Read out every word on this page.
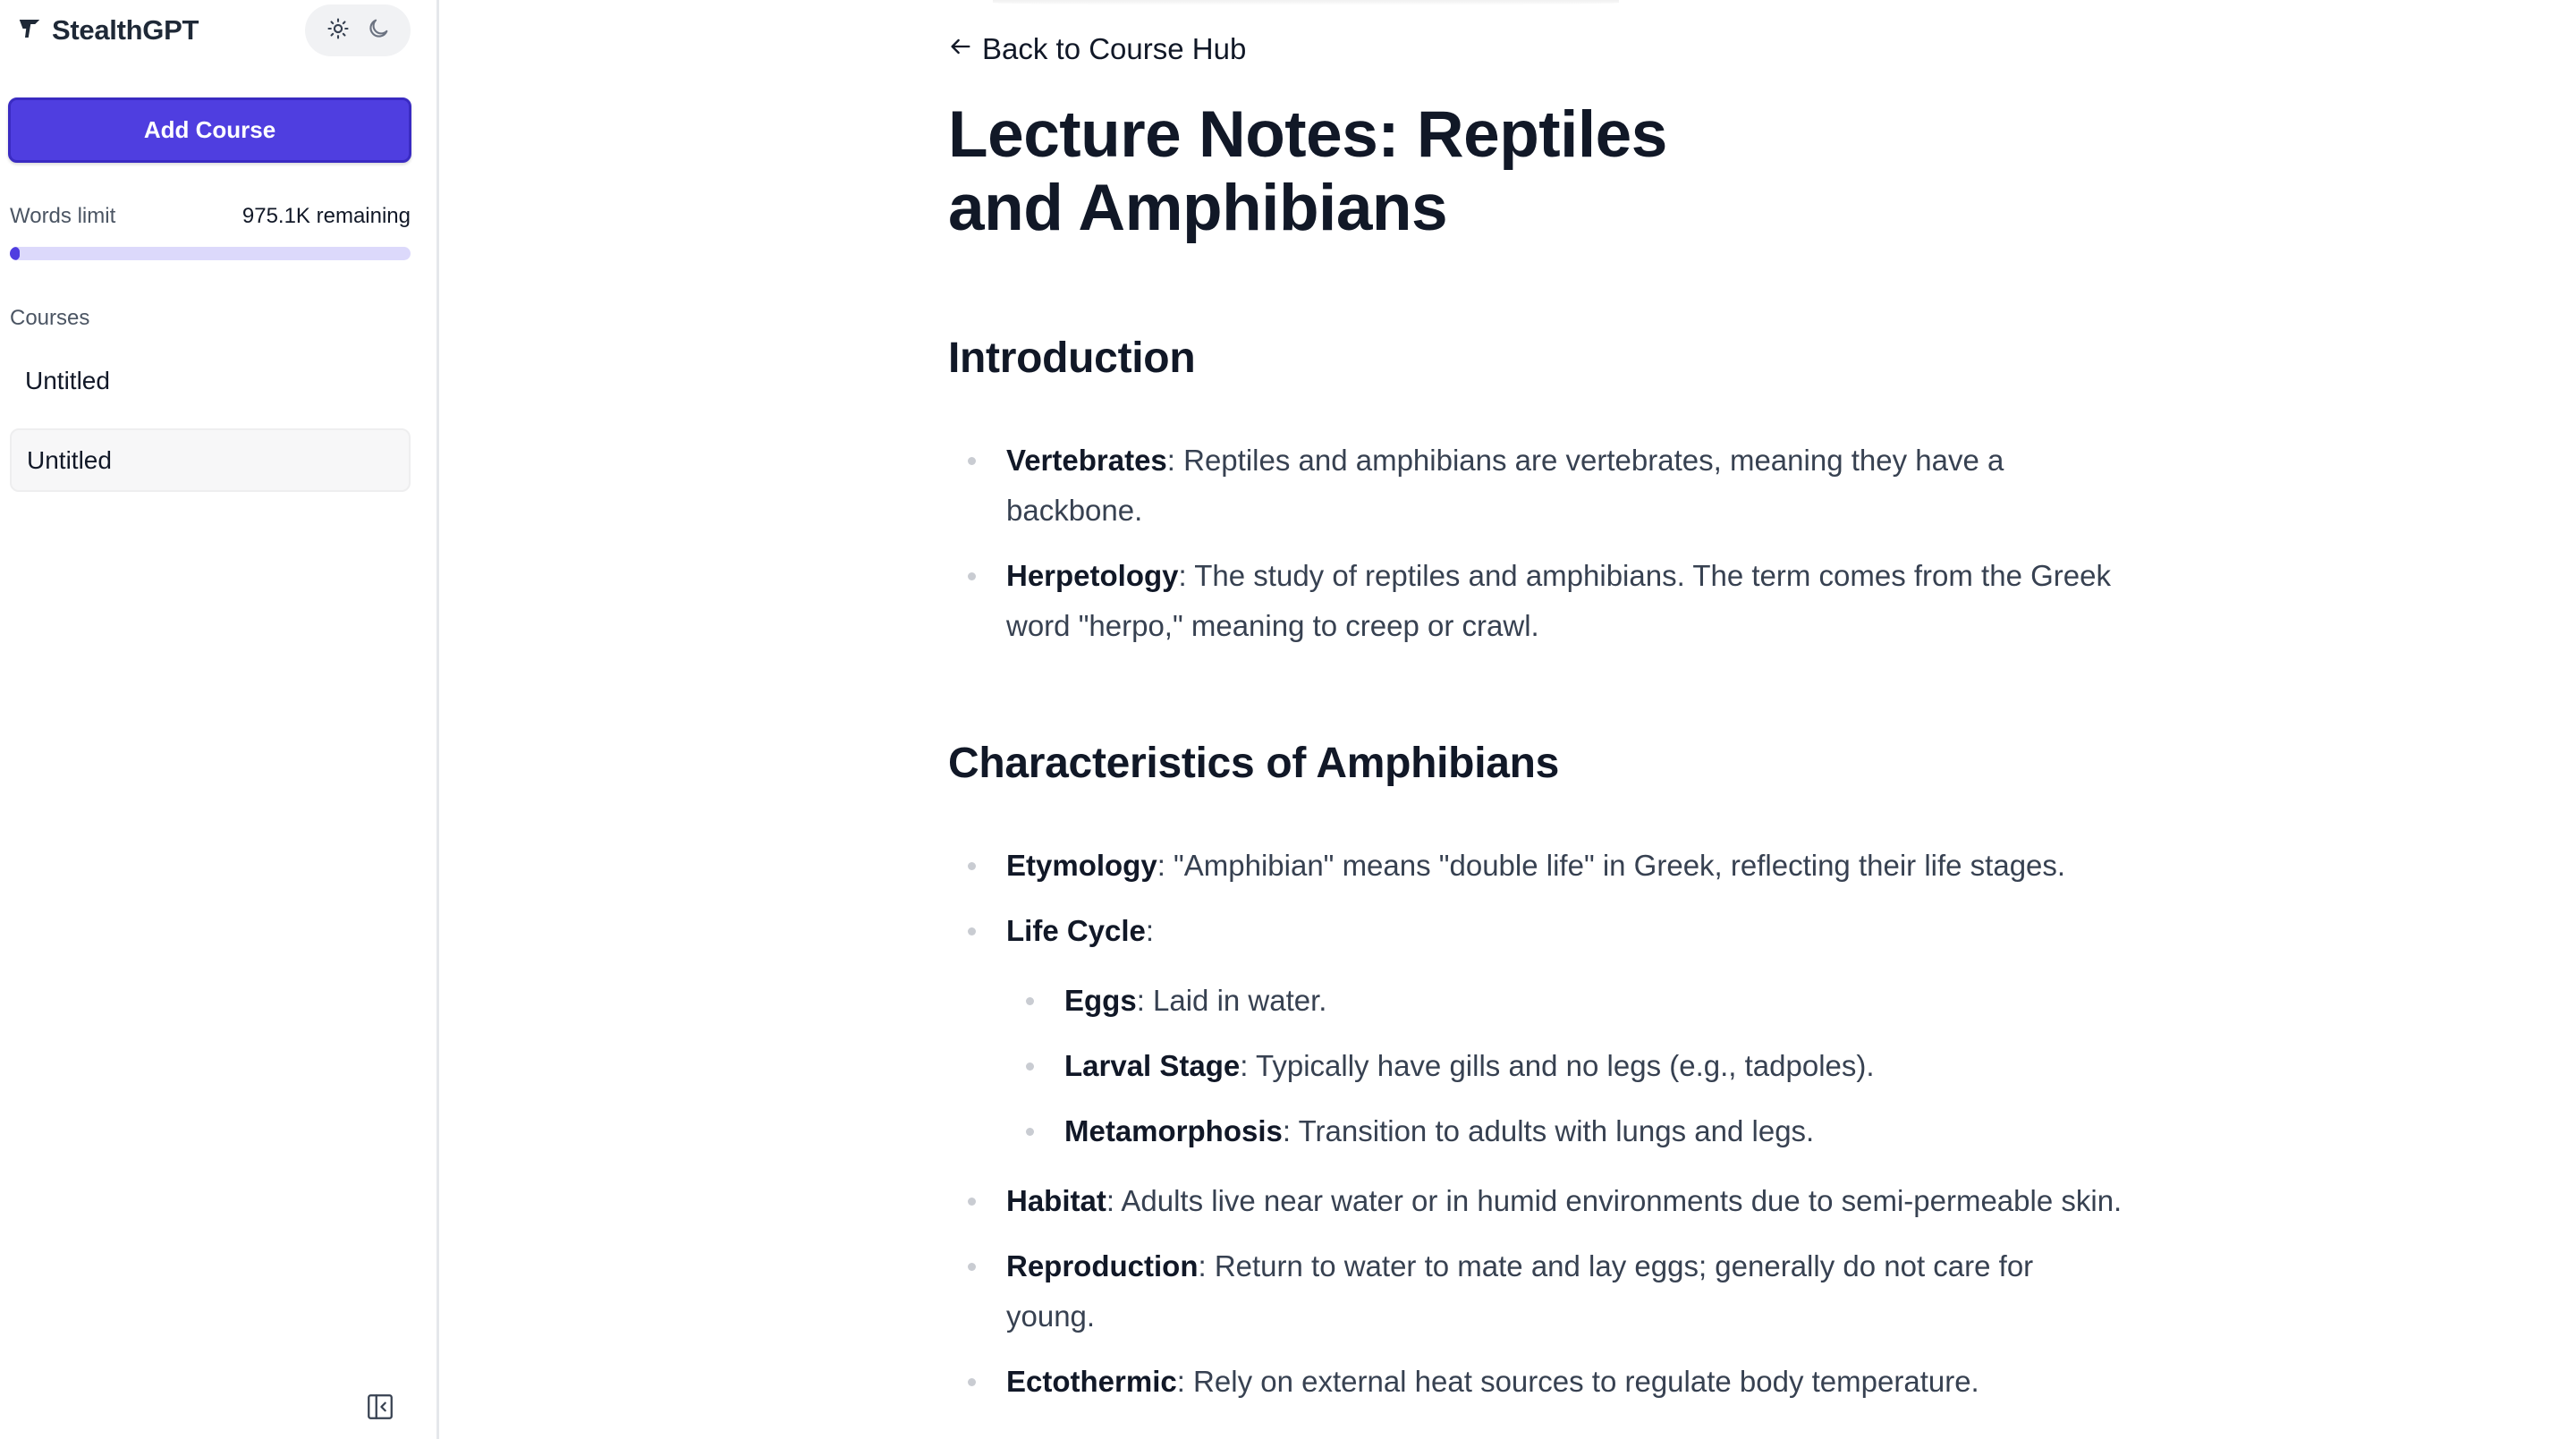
StealthGPT
Add Course
Words limit	975.1K remaining
Courses
Untitled
Untitled
Back to Course Hub
Lecture Notes: Reptiles and Amphibians
Introduction
Vertebrates: Reptiles and amphibians are vertebrates, meaning they have a backbone.
Herpetology: The study of reptiles and amphibians. The term comes from the Greek word "herpo," meaning to creep or crawl.
Characteristics of Amphibians
Etymology: "Amphibian" means "double life" in Greek, reflecting their life stages.
Life Cycle:
Eggs: Laid in water.
Larval Stage: Typically have gills and no legs (e.g., tadpoles).
Metamorphosis: Transition to adults with lungs and legs.
Habitat: Adults live near water or in humid environments due to semi-permeable skin.
Reproduction: Return to water to mate and lay eggs; generally do not care for young.
Ectothermic: Rely on external heat sources to regulate body temperature.
